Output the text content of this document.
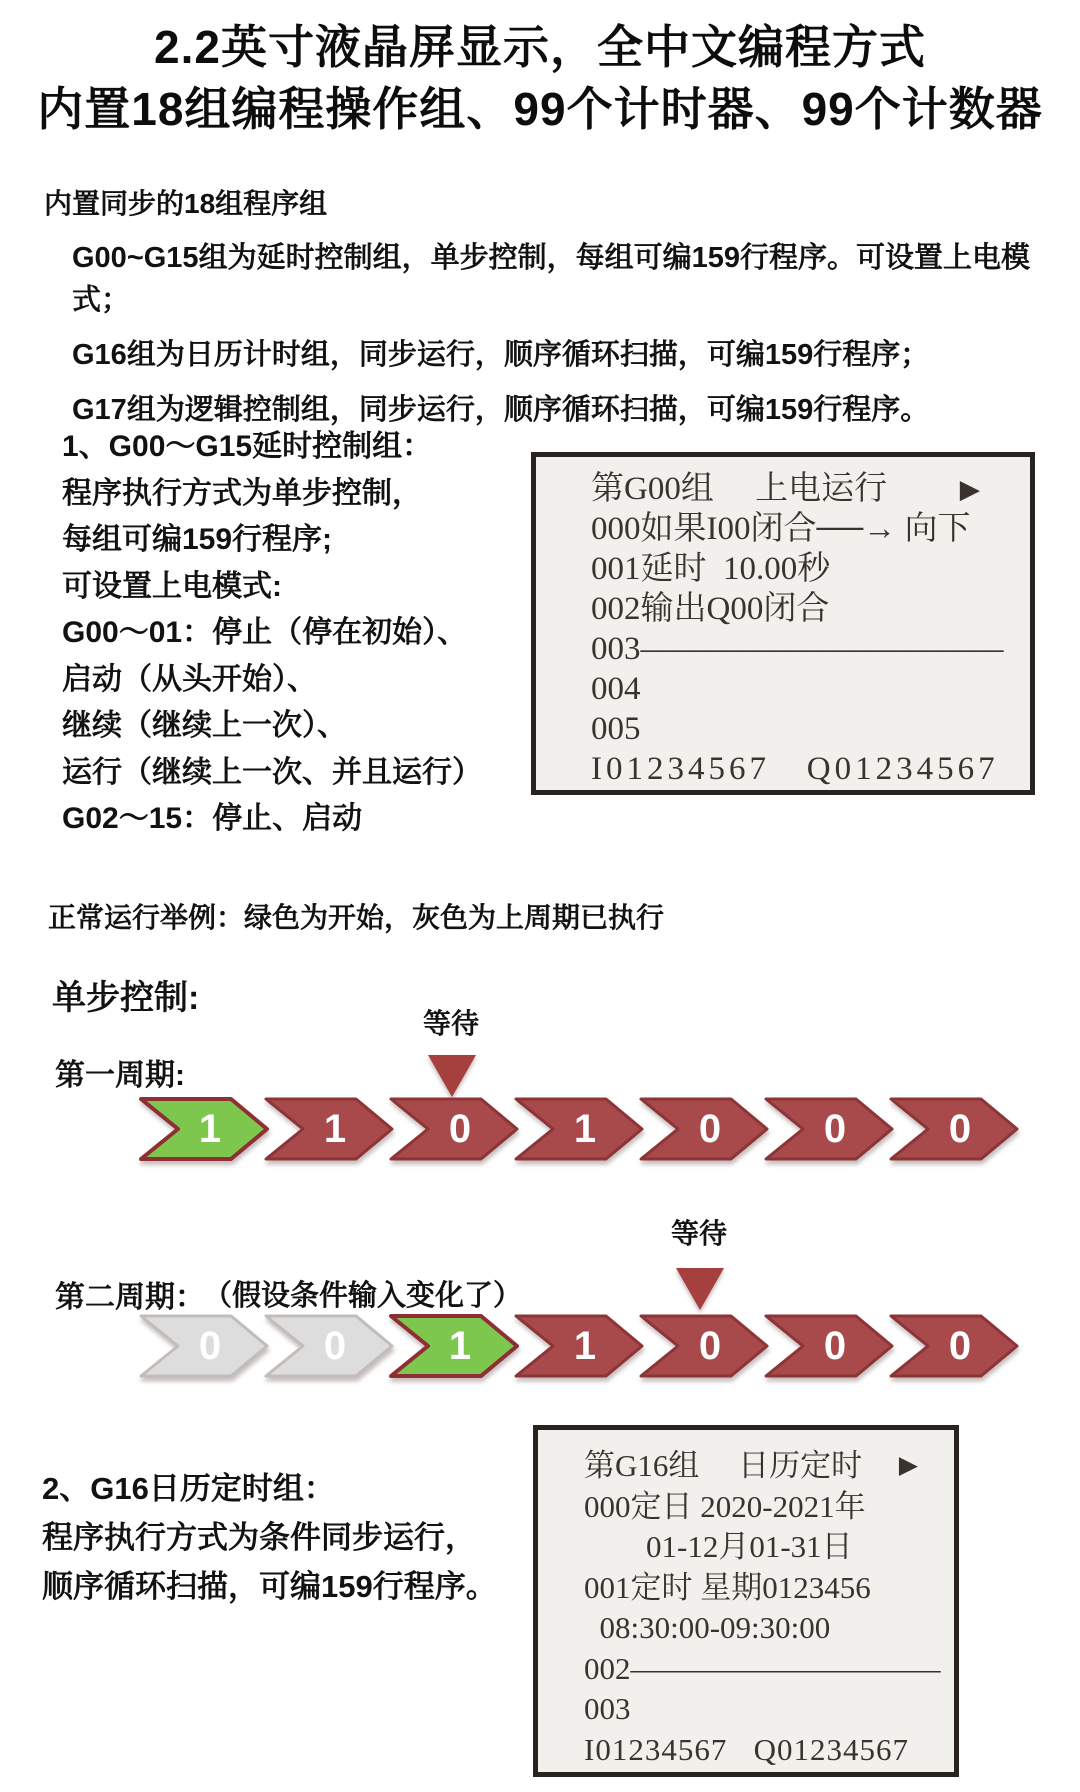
2.2英寸液晶屏显示，全中文编程方式
内置18组编程操作组、99个计时器、99个计数器

内置同步的18组程序组

G00~G15组为延时控制组，单步控制，每组可编159行程序。可设置上电模式；
G16组为日历计时组，同步运行，顺序循环扫描，可编159行程序；
G17组为逻辑控制组，同步运行，顺序循环扫描，可编159行程序。
1、G00～G15延时控制组：
程序执行方式为单步控制，
每组可编159行程序;
可设置上电模式:
G00～01：停止（停在初始）、
启动（从头开始）、
继续（继续上一次）、
运行（继续上一次、并且运行）
G02～15：停止、启动
第G00组　 上电运行	▶
000如果I00闭合──→ 向下
001延时  10.00秒
002输出Q00闭合
003––––––––––––––––––––––
004
005
I01234567   Q01234567
正常运行举例：绿色为开始，灰色为上周期已执行
单步控制:
等待
第一周期:
1	1	0	1	0	0	0
等待
第二周期：
（假设条件输入变化了）
0	0	1	1	0	0	0
2、G16日历定时组：
程序执行方式为条件同步运行，
顺序循环扫描，可编159行程序。
第G16组　 日历定时 ▶
000定日 2020-2021年
01-12月01-31日
001定时 星期0123456
08:30:00-09:30:00
002––––––––––––––––––––
003
I01234567   Q01234567
